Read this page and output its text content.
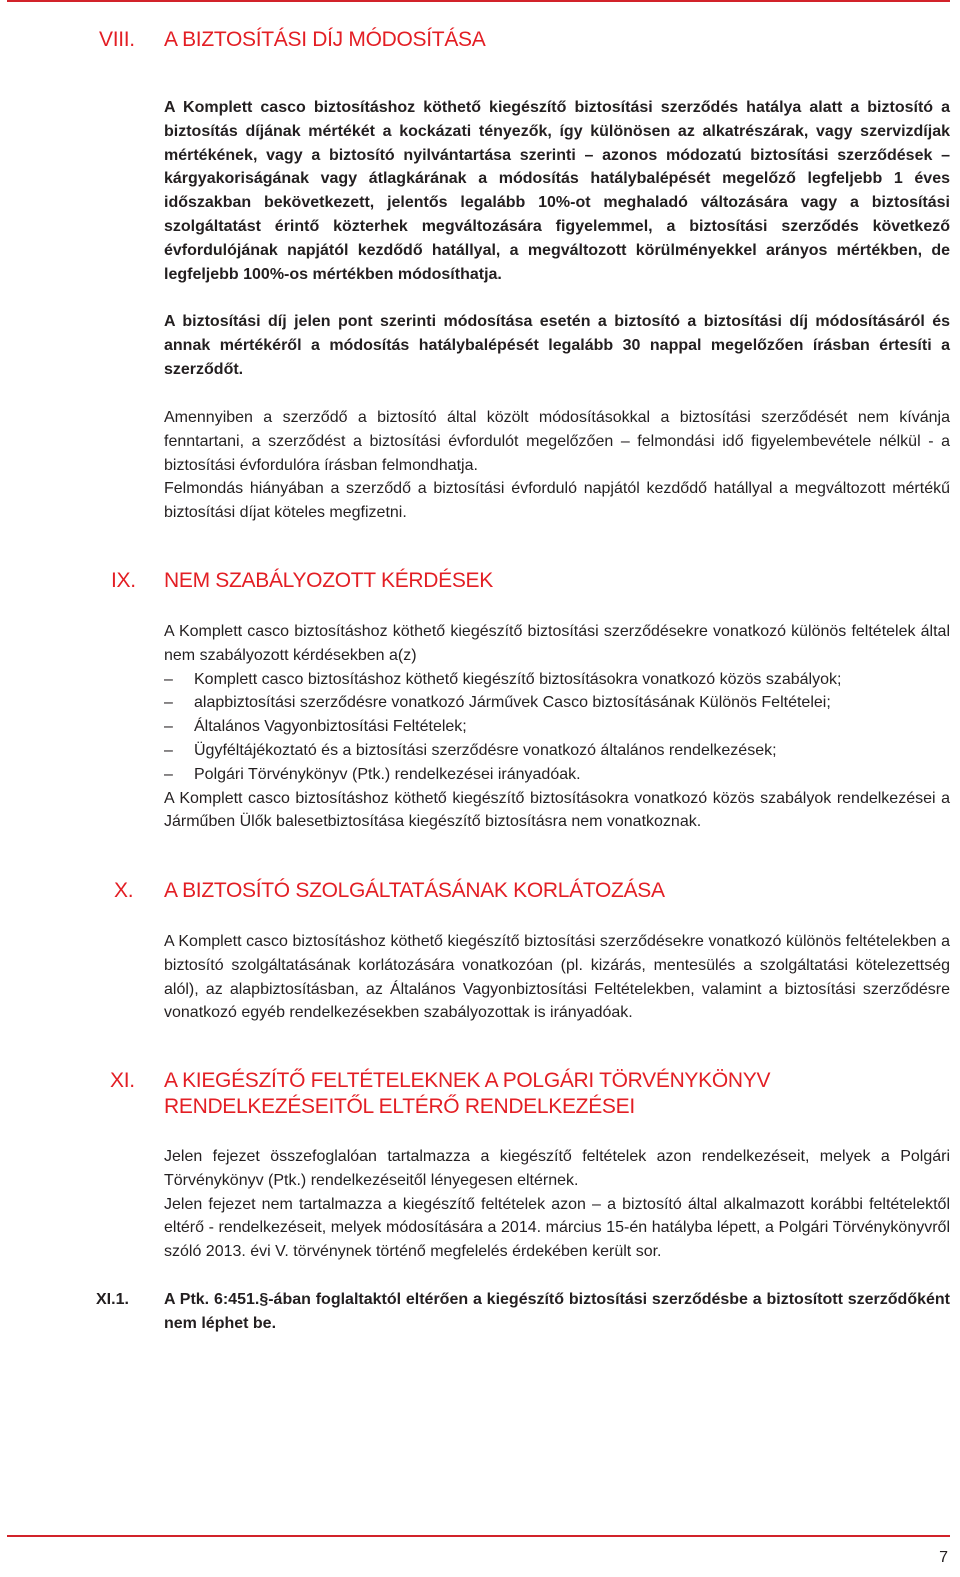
VIII. A BIZTOSÍTÁSI DÍJ MÓDOSÍTÁSA

A Komplett casco biztosításhoz köthető kiegészítő biztosítási szerződés hatálya alatt a biztosító a biztosítás díjának mértékét a kockázati tényezők, így különösen az alkatrészárak, vagy szervizdíjak mértékének, vagy a biztosító nyilvántartása szerinti – azonos módozatú biztosítási szerződések – kárgyakoriságának vagy átlagkárának a módosítás hatálybalépését megelőző legfeljebb 1 éves időszakban bekövetkezett, jelentős legalább 10%-ot meghaladó változására vagy a biztosítási szolgáltatást érintő közterhek megváltozására figyelemmel, a biztosítási szerződés következő évfordulójának napjától kezdődő hatállyal, a megváltozott körülményekkel arányos mértékben, de legfeljebb 100%-os mértékben módosíthatja.

A biztosítási díj jelen pont szerinti módosítása esetén a biztosító a biztosítási díj módosításáról és annak mértékéről a módosítás hatálybalépését legalább 30 nappal megelőzően írásban értesíti a szerződőt.

Amennyiben a szerződő a biztosító által közölt módosításokkal a biztosítási szerződését nem kívánja fenntartani, a szerződést a biztosítási évfordulót megelőzően – felmondási idő figyelembevétele nélkül - a biztosítási évfordulóra írásban felmondhatja.

Felmondás hiányában a szerződő a biztosítási évforduló napjától kezdődő hatállyal a megváltozott mértékű biztosítási díjat köteles megfizetni.

IX. NEM SZABÁLYOZOTT KÉRDÉSEK

A Komplett casco biztosításhoz köthető kiegészítő biztosítási szerződésekre vonatkozó különös feltételek által nem szabályozott kérdésekben a(z)

– Komplett casco biztosításhoz köthető kiegészítő biztosításokra vonatkozó közös szabályok;
– alapbiztosítási szerződésre vonatkozó Járművek Casco biztosításának Különös Feltételei;
– Általános Vagyonbiztosítási Feltételek;
– Ügyféltájékoztató és a biztosítási szerződésre vonatkozó általános rendelkezések;
– Polgári Törvénykönyv (Ptk.) rendelkezései irányadóak.

A Komplett casco biztosításhoz köthető kiegészítő biztosításokra vonatkozó közös szabályok rendelkezései a Járműben Ülők balesetbiztosítása kiegészítő biztosításra nem vonatkoznak.

X. A BIZTOSÍTÓ SZOLGÁLTATÁSÁNAK KORLÁTOZÁSA

A Komplett casco biztosításhoz köthető kiegészítő biztosítási szerződésekre vonatkozó különös feltételekben a biztosító szolgáltatásának korlátozására vonatkozóan (pl. kizárás, mentesülés a szolgáltatási kötelezettség alól), az alapbiztosításban, az Általános Vagyonbiztosítási Feltételekben, valamint a biztosítási szerződésre vonatkozó egyéb rendelkezésekben szabályozottak is irányadóak.

XI. A KIEGÉSZÍTŐ FELTÉTELEKNEK A POLGÁRI TÖRVÉNYKÖNYV
RENDELKEZÉSEITŐL ELTÉRŐ RENDELKEZÉSEI

Jelen fejezet összefoglalóan tartalmazza a kiegészítő feltételek azon rendelkezéseit, melyek a Polgári Törvénykönyv (Ptk.) rendelkezéseitől lényegesen eltérnek.

Jelen fejezet nem tartalmazza a kiegészítő feltételek azon – a biztosító által alkalmazott korábbi feltételektől eltérő - rendelkezéseit, melyek módosítására a 2014. március 15-én hatályba lépett, a Polgári Törvénykönyvről szóló 2013. évi V. törvénynek történő megfelelés érdekében került sor.

XI.1. A Ptk. 6:451.§-ában foglaltaktól eltérően a kiegészítő biztosítási szerződésbe a biztosított szerződőként nem léphet be.

7
